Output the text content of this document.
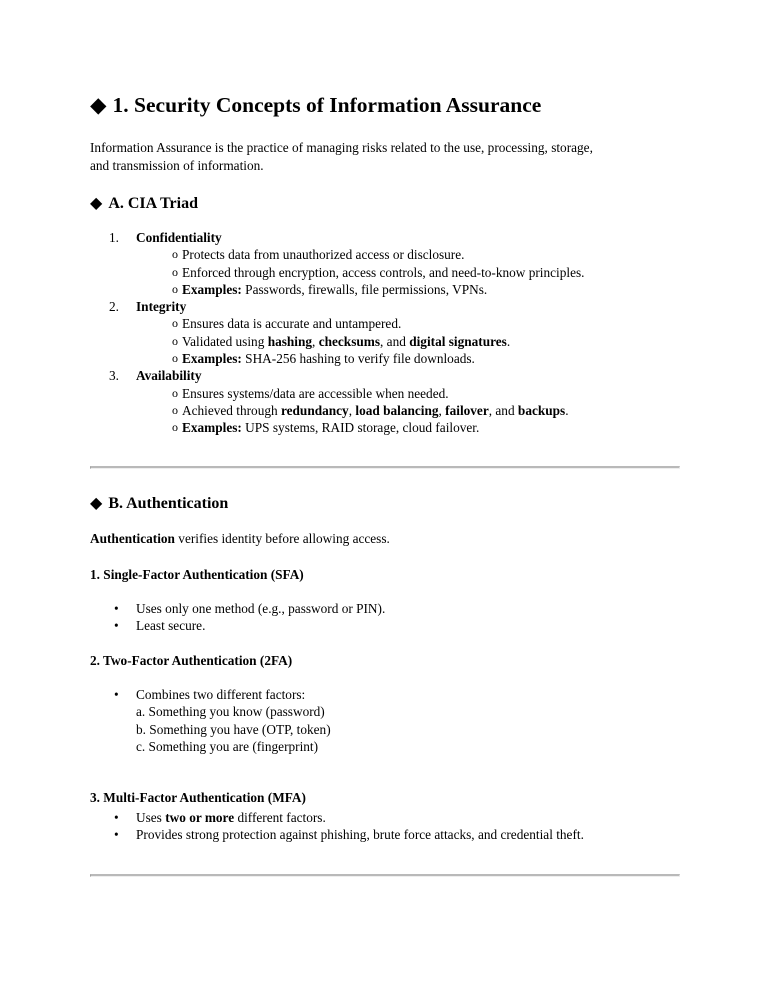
◆ 1. Security Concepts of Information Assurance

Information Assurance is the practice of managing risks related to the use, processing, storage,
and transmission of information.

◆ A. CIA Triad
1. Confidentiality
o Protects data from unauthorized access or disclosure.
o Enforced through encryption, access controls, and need-to-know principles.
o Examples: Passwords, firewalls, file permissions, VPNs.
2. Integrity
o Ensures data is accurate and untampered.
o Validated using hashing, checksums, and digital signatures.
o Examples: SHA-256 hashing to verify file downloads.
3. Availability
o Ensures systems/data are accessible when needed.
o Achieved through redundancy, load balancing, failover, and backups.
o Examples: UPS systems, RAID storage, cloud failover.
◆ B. Authentication

Authentication verifies identity before allowing access.

1. Single-Factor Authentication (SFA)
• Uses only one method (e.g., password or PIN).
• Least secure.
2. Two-Factor Authentication (2FA)
• Combines two different factors:
a. Something you know (password)
b. Something you have (OTP, token)
c. Something you are (fingerprint)
3. Multi-Factor Authentication (MFA)
• Uses two or more different factors.
• Provides strong protection against phishing, brute force attacks, and credential theft.
